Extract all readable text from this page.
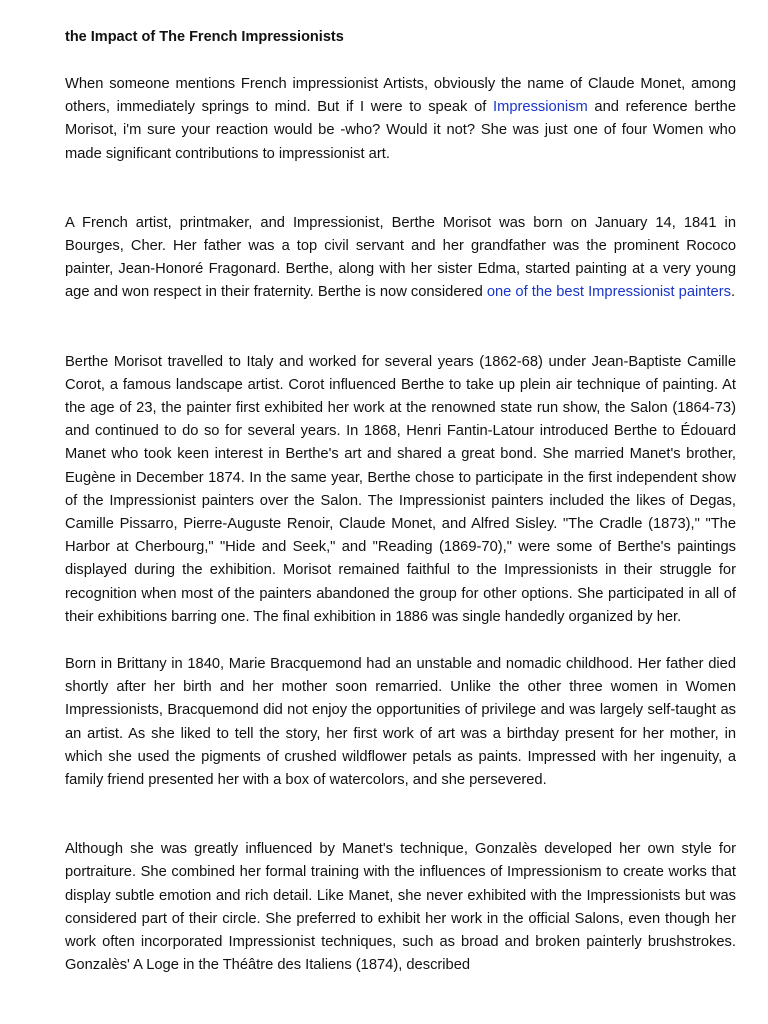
the Impact of The French Impressionists

When someone mentions French impressionist Artists, obviously the name of Claude Monet, among others, immediately springs to mind. But if I were to speak of Impressionism and reference berthe Morisot, i'm sure your reaction would be -who? Would it not? She was just one of four Women who made significant contributions to impressionist art.

A French artist, printmaker, and Impressionist, Berthe Morisot was born on January 14, 1841 in Bourges, Cher. Her father was a top civil servant and her grandfather was the prominent Rococo painter, Jean-Honoré Fragonard. Berthe, along with her sister Edma, started painting at a very young age and won respect in their fraternity. Berthe is now considered one of the best Impressionist painters.

Berthe Morisot travelled to Italy and worked for several years (1862-68) under Jean-Baptiste Camille Corot, a famous landscape artist. Corot influenced Berthe to take up plein air technique of painting. At the age of 23, the painter first exhibited her work at the renowned state run show, the Salon (1864-73) and continued to do so for several years. In 1868, Henri Fantin-Latour introduced Berthe to Édouard Manet who took keen interest in Berthe's art and shared a great bond. She married Manet's brother, Eugène in December 1874. In the same year, Berthe chose to participate in the first independent show of the Impressionist painters over the Salon. The Impressionist painters included the likes of Degas, Camille Pissarro, Pierre-Auguste Renoir, Claude Monet, and Alfred Sisley. "The Cradle (1873)," "The Harbor at Cherbourg," "Hide and Seek," and "Reading (1869-70)," were some of Berthe's paintings displayed during the exhibition. Morisot remained faithful to the Impressionists in their struggle for recognition when most of the painters abandoned the group for other options. She participated in all of their exhibitions barring one. The final exhibition in 1886 was single handedly organized by her.

Born in Brittany in 1840, Marie Bracquemond had an unstable and nomadic childhood. Her father died shortly after her birth and her mother soon remarried. Unlike the other three women in Women Impressionists, Bracquemond did not enjoy the opportunities of privilege and was largely self-taught as an artist. As she liked to tell the story, her first work of art was a birthday present for her mother, in which she used the pigments of crushed wildflower petals as paints. Impressed with her ingenuity, a family friend presented her with a box of watercolors, and she persevered.

Although she was greatly influenced by Manet's technique, Gonzalès developed her own style for portraiture. She combined her formal training with the influences of Impressionism to create works that display subtle emotion and rich detail. Like Manet, she never exhibited with the Impressionists but was considered part of their circle. She preferred to exhibit her work in the official Salons, even though her work often incorporated Impressionist techniques, such as broad and broken painterly brushstrokes. Gonzalès' A Loge in the Théâtre des Italiens (1874), described
